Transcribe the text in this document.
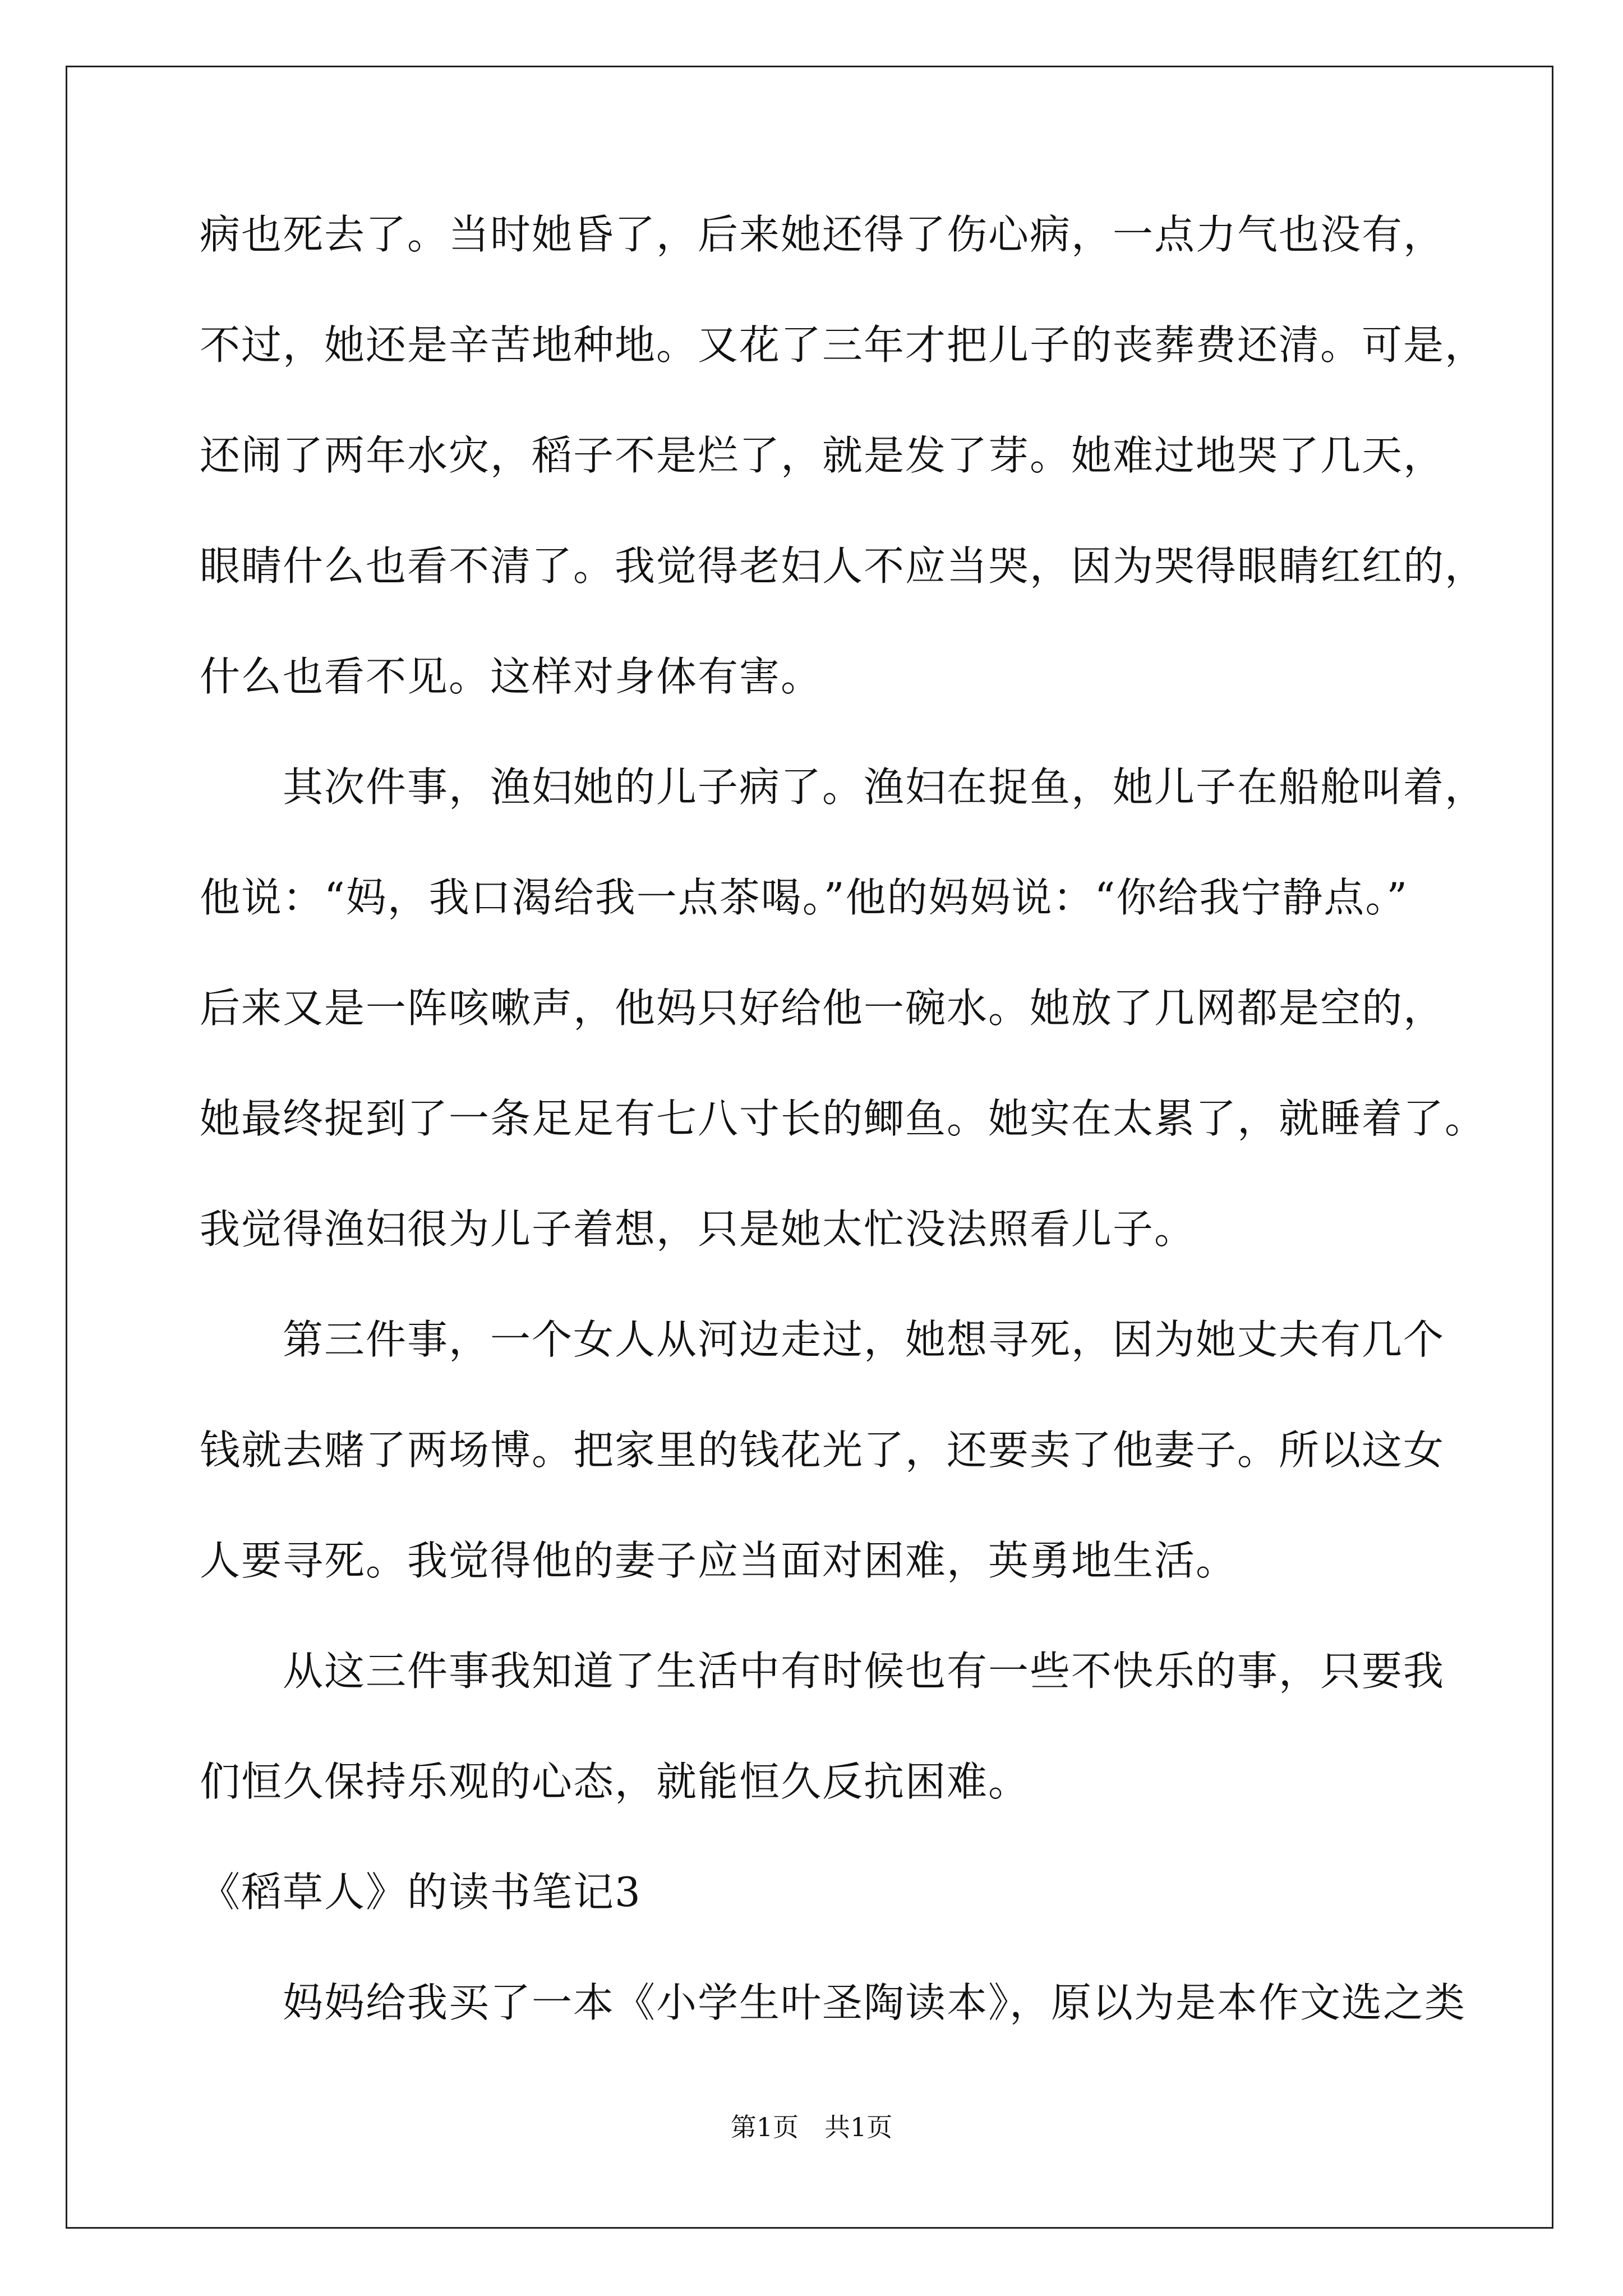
病也死去了。当时她昏了，后来她还得了伤心病，一点力气也没有，
不过，她还是辛苦地种地。又花了三年才把儿子的丧葬费还清。可是，
还闹了两年水灾，稻子不是烂了，就是发了芽。她难过地哭了几天，
眼睛什么也看不清了。我觉得老妇人不应当哭，因为哭得眼睛红红的，
什么也看不见。这样对身体有害。
　　其次件事，渔妇她的儿子病了。渔妇在捉鱼，她儿子在船舱叫着，
他说：“妈，我口渴给我一点茶喝。”他的妈妈说：“你给我宁静点。”
后来又是一阵咳嗽声，他妈只好给他一碗水。她放了几网都是空的，
她最终捉到了一条足足有七八寸长的鲫鱼。她实在太累了，就睡着了。
我觉得渔妇很为儿子着想，只是她太忙没法照看儿子。
　　第三件事，一个女人从河边走过，她想寻死，因为她丈夫有几个
钱就去赌了两场博。把家里的钱花光了，还要卖了他妻子。所以这女
人要寻死。我觉得他的妻子应当面对困难，英勇地生活。
　　从这三件事我知道了生活中有时候也有一些不快乐的事，只要我
们恒久保持乐观的心态，就能恒久反抗困难。
《稻草人》的读书笔记3
　　妈妈给我买了一本《小学生叶圣陶读本》，原以为是本作文选之类
第1页　共1页
